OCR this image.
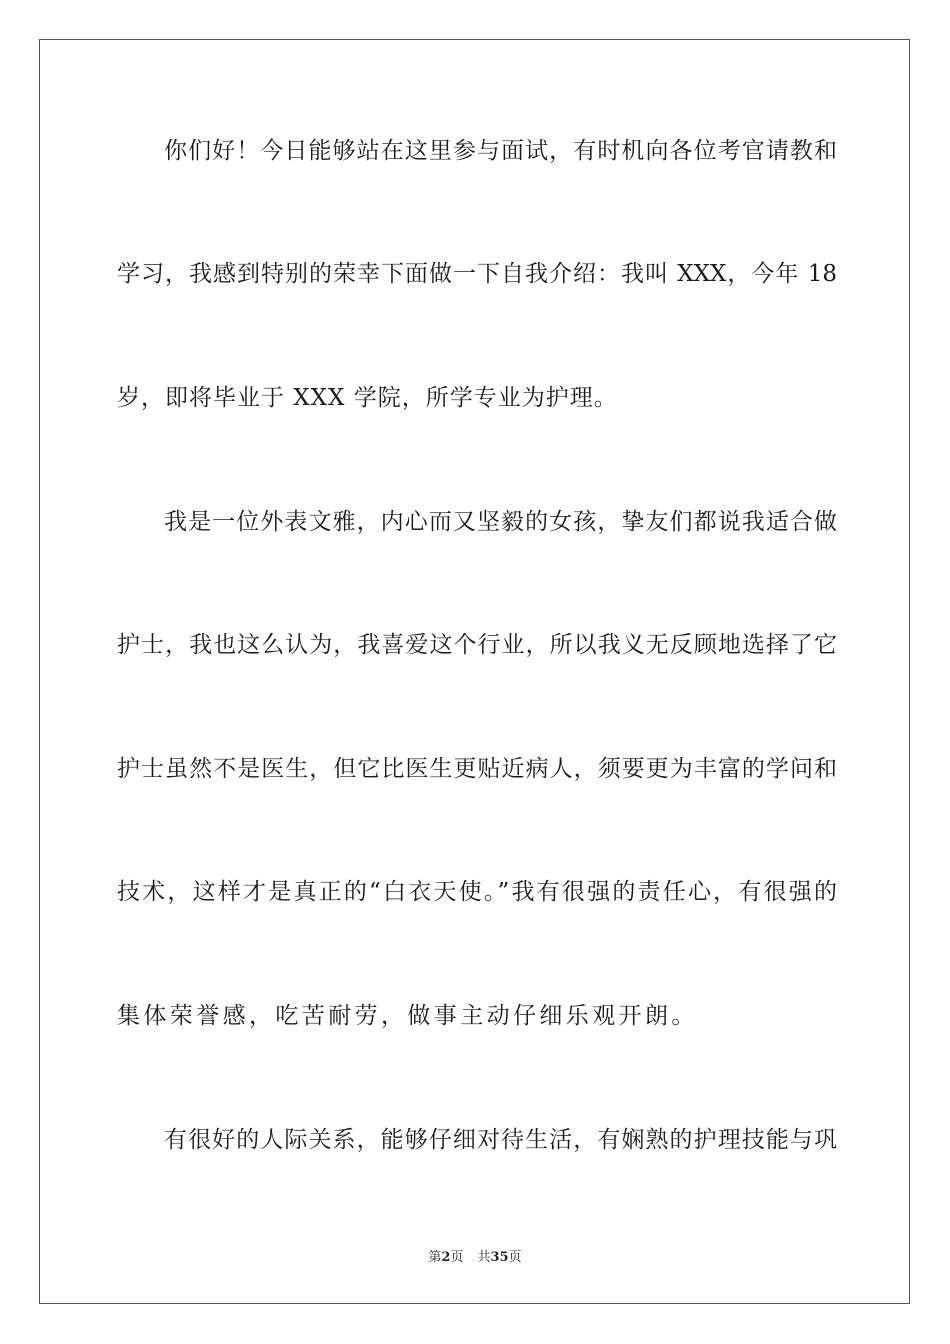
你们好！今日能够站在这里参与面试，有时机向各位考官请教和
学习，我感到特别的荣幸下面做一下自我介绍：我叫 XXX，今年 18
岁，即将毕业于 XXX 学院，所学专业为护理。
我是一位外表文雅，内心而又坚毅的女孩，挚友们都说我适合做
护士，我也这么认为，我喜爱这个行业，所以我义无反顾地选择了它
护士虽然不是医生，但它比医生更贴近病人，须要更为丰富的学问和
技术，这样才是真正的“白衣天使。”我有很强的责任心，有很强的
集体荣誉感，吃苦耐劳，做事主动仔细乐观开朗。
有很好的人际关系，能够仔细对待生活，有娴熟的护理技能与巩
第2页 共35页
